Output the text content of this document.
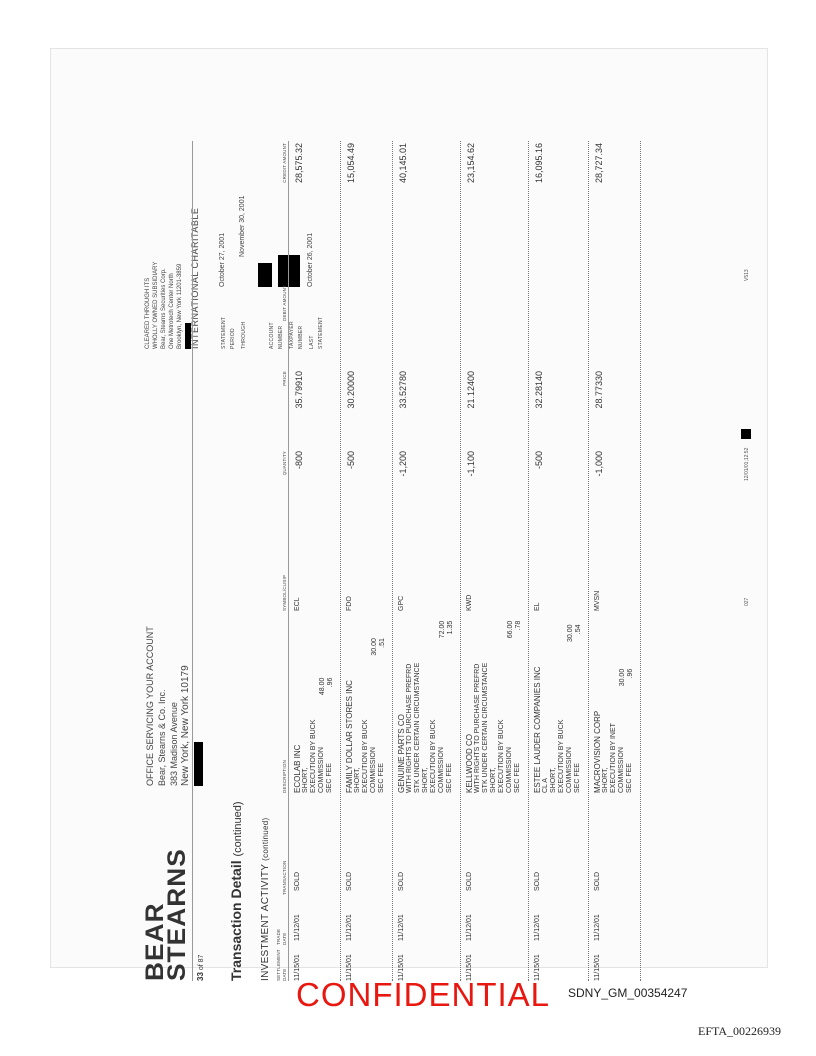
BEAR
STEARNS
OFFICE SERVICING YOUR ACCOUNT Bear, Stearns & Co. Inc. 383 Madison Avenue New York, New York 10179
CLEARED THROUGH ITS WHOLLY OWNED SUBSIDIARY Bear, Stearns Securities Corp. One Metrotech Center North Brooklyn, New York 11201-3859 INTERNATIONAL CHARITABLE
33 of 87
STATEMENT PERIOD
October 27, 2001
THROUGH
November 30, 2001
ACCOUNT NUMBER	TAXPAYER NUMBER	LAST STATEMENT
October 26, 2001
Transaction Detail (continued)
INVESTMENT ACTIVITY (continued)
SETTLEMENT DATE
TRADE DATE
TRANSACTION
DESCRIPTION
SYMBOL/CUSIP
QUANTITY
PRICE
DEBIT AMOUNT
CREDIT AMOUNT
11/15/01
11/12/01
SOLD
ECL
-800
35.79910
28,575.32
ECOLAB INC SHORT, EXECUTION BY BUCK COMMISSION SEC FEE
48.00 .96
11/15/01
11/12/01
SOLD
FDO
-500
30.20000
15,054.49
FAMILY DOLLAR STORES INC SHORT, EXECUTION BY BUCK COMMISSION SEC FEE
30.00 .51
11/15/01
11/12/01
SOLD
GPC
-1,200
33.52780
40,145.01
GENUINE PARTS CO WITH RIGHTS TO PURCHASE PREFRD STK UNDER CERTAIN CIRCUMSTANCE SHORT, EXECUTION BY BUCK COMMISSION SEC FEE
72.00 1.35
11/15/01
11/12/01
SOLD
KWD
-1,100
21.12400
23,154.62
KELLWOOD CO WITH RIGHTS TO PURCHASE PREFRD STK UNDER CERTAIN CIRCUMSTANCE SHORT, EXECUTION BY BUCK COMMISSION SEC FEE
66.00 .78
11/15/01
11/12/01
SOLD
EL
-500
32.28140
16,095.16
ESTEE LAUDER COMPANIES INC CL A SHORT, EXECUTION BY BUCK COMMISSION SEC FEE
30.00 .54
11/15/01
11/12/01
SOLD
MVSN
-1,000
28.77330
28,727.34
MACROVISION CORP SHORT, EXECUTION BY INET COMMISSION SEC FEE
30.00 .96
027
12/01/01;12:52
V513
CONFIDENTIAL SDNY_GM_00354247
EFTA_00226939
